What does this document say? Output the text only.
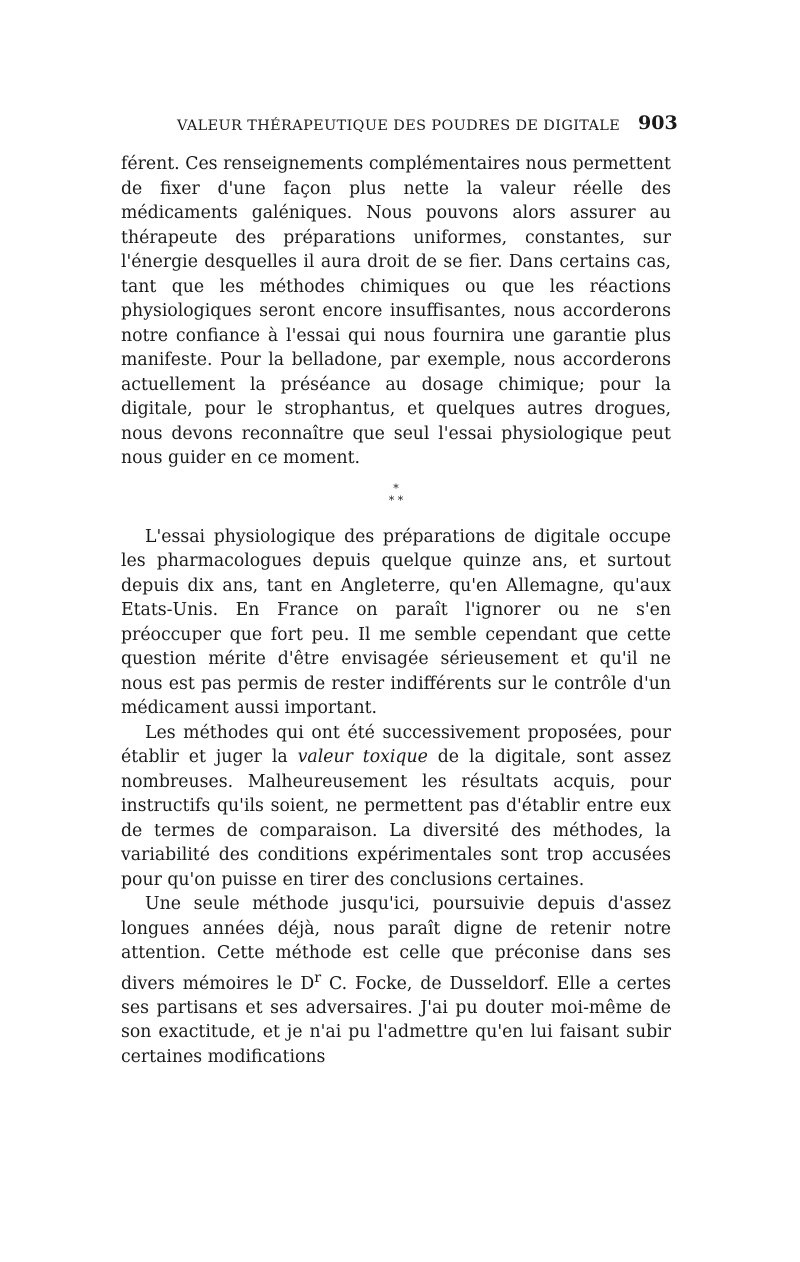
VALEUR THÉRAPEUTIQUE DES POUDRES DE DIGITALE 903

férent. Ces renseignements complémentaires nous permettent de fixer d'une façon plus nette la valeur réelle des médicaments galéniques. Nous pouvons alors assurer au thérapeute des préparations uniformes, constantes, sur l'énergie desquelles il aura droit de se fier. Dans certains cas, tant que les méthodes chimiques ou que les réactions physiologiques seront encore insuffisantes, nous accorderons notre confiance à l'essai qui nous fournira une garantie plus manifeste. Pour la belladone, par exemple, nous accorderons actuellement la préséance au dosage chimique; pour la digitale, pour le strophantus, et quelques autres drogues, nous devons reconnaître que seul l'essai physiologique peut nous guider en ce moment.

*
* *

L'essai physiologique des préparations de digitale occupe les pharmacologues depuis quelque quinze ans, et surtout depuis dix ans, tant en Angleterre, qu'en Allemagne, qu'aux Etats-Unis. En France on paraît l'ignorer ou ne s'en préoccuper que fort peu. Il me semble cependant que cette question mérite d'être envisagée sérieusement et qu'il ne nous est pas permis de rester indifférents sur le contrôle d'un médicament aussi important.

Les méthodes qui ont été successivement proposées, pour établir et juger la valeur toxique de la digitale, sont assez nombreuses. Malheureusement les résultats acquis, pour instructifs qu'ils soient, ne permettent pas d'établir entre eux de termes de comparaison. La diversité des méthodes, la variabilité des conditions expérimentales sont trop accusées pour qu'on puisse en tirer des conclusions certaines.

Une seule méthode jusqu'ici, poursuivie depuis d'assez longues années déjà, nous paraît digne de retenir notre attention. Cette méthode est celle que préconise dans ses divers mémoires le $D^r$ C. Focke, de Dusseldorf. Elle a certes ses partisans et ses adversaires. J'ai pu douter moi-même de son exactitude, et je n'ai pu l'admettre qu'en lui faisant subir certaines modifications
